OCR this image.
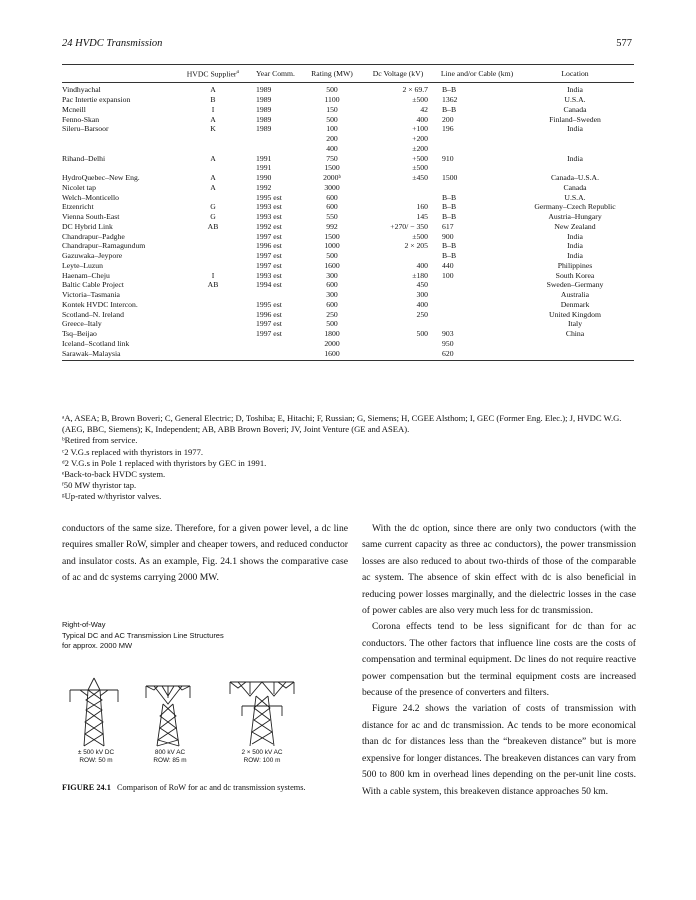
24 HVDC Transmission	577
	HVDC Supplier$^a$	Year Comm.	Rating (MW)	Dc Voltage (kV)	Line and/or Cable (km)	Location
Vindhyachal	A	1989	500	2 × 69.7	B–B	India
Pac Intertie expansion	B	1989	1100	±500	1362	U.S.A.
Mcneill	I	1989	150	42	B–B	Canada
Fenno-Skan	A	1989	500	400	200	Finland–Sweden
Sileru–Barsoor	K	1989	100	+100	196	India
			200	+200		
			400	±200		
Rihand–Delhi	A	1991	750	+500	910	India
		1991	1500	±500		
HydroQuebec–New Eng.	A	1990	2000ᵇ	±450	1500	Canada–U.S.A.
Nicolet tap	A	1992	3000			Canada
Welch–Monticello		1995 est	600		B–B	U.S.A.
Etzenricht	G	1993 est	600	160	B–B	Germany–Czech Republic
Vienna South-East	G	1993 est	550	145	B–B	Austria–Hungary
DC Hybrid Link	AB	1992 est	992	+270/ − 350	617	New Zealand
Chandrapur–Padghe		1997 est	1500	±500	900	India
Chandrapur–Ramagundum		1996 est	1000	2 × 205	B–B	India
Gazuwaka–Jeypore		1997 est	500		B–B	India
Leyte–Luzun		1997 est	1600	400	440	Philippines
Haenam–Cheju	I	1993 est	300	±180	100	South Korea
Baltic Cable Project	AB	1994 est	600	450		Sweden–Germany
Victoria–Tasmania			300	300		Australia
Kontek HVDC Intercon.		1995 est	600	400		Denmark
Scotland–N. Ireland		1996 est	250	250		United Kingdom
Greece–Italy		1997 est	500			Italy
Tsq–Beijao		1997 est	1800	500	903	China
Iceland–Scotland link			2000		950	
Sarawak–Malaysia			1600		620	

ᵃA, ASEA; B, Brown Boveri; C, General Electric; D, Toshiba; E, Hitachi; F, Russian; G, Siemens; H, CGEE Alsthom; I, GEC (Former Eng. Elec.); J, HVDC W.G. (AEG, BBC, Siemens); K, Independent; AB, ABB Brown Boveri; JV, Joint Venture (GE and ASEA).

ᵇRetired from service.

ᶜ2 V.G.s replaced with thyristors in 1977.

ᵈ2 V.G.s in Pole 1 replaced with thyristors by GEC in 1991.

ᵉBack-to-back HVDC system.

ᶠ50 MW thyristor tap.

ᵍUp-rated w/thyristor valves.

conductors of the same size. Therefore, for a given power level, a dc line requires smaller RoW, simpler and cheaper towers, and reduced conductor and insulator costs. As an example, Fig. 24.1 shows the comparative case of ac and dc systems carrying 2000 MW.

Right-of-Way
Typical DC and AC Transmission Line Structures
for approx. 2000 MW
± 500 kV DC
ROW: 50 m
800 kV AC
ROW: 85 m
2 × 500 kV AC
ROW: 100 m
FIGURE 24.1 Comparison of RoW for ac and dc transmission systems.

With the dc option, since there are only two conductors (with the same current capacity as three ac conductors), the power transmission losses are also reduced to about two-thirds of those of the comparable ac system. The absence of skin effect with dc is also beneficial in reducing power losses marginally, and the dielectric losses in the case of power cables are also very much less for dc transmission.

Corona effects tend to be less significant for dc than for ac conductors. The other factors that influence line costs are the costs of compensation and terminal equipment. Dc lines do not require reactive power compensation but the terminal equipment costs are increased because of the presence of converters and filters.

Figure 24.2 shows the variation of costs of transmission with distance for ac and dc transmission. Ac tends to be more economical than dc for distances less than the “breakeven distance” but is more expensive for longer distances. The breakeven distances can vary from 500 to 800 km in overhead lines depending on the per-unit line costs. With a cable system, this breakeven distance approaches 50 km.
